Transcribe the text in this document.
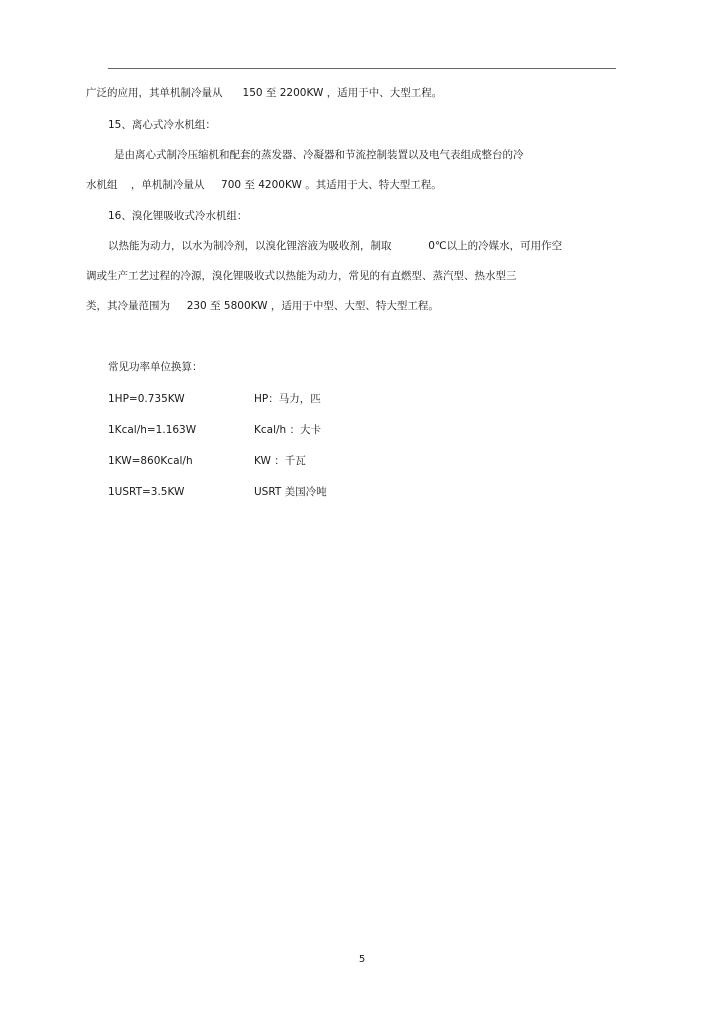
广泛的应用，其单机制冷量从      150 至 2200KW ，适用于中、大型工程。
15、离心式冷水机组：
是由离心式制冷压缩机和配套的蒸发器、冷凝器和节流控制装置以及电气表组成整台的冷
水机组    ，单机制冷量从     700 至 4200KW 。其适用于大、特大型工程。
16、溴化锂吸收式冷水机组：
以热能为动力，以水为制冷剂，以溴化锂溶液为吸收剂，制取           0℃以上的冷媒水，可用作空
调或生产工艺过程的冷源，溴化锂吸收式以热能为动力，常见的有直燃型、蒸汽型、热水型三
类，其冷量范围为     230 至 5800KW ，适用于中型、大型、特大型工程。
常见功率单位换算：
1HP=0.735KW	HP：马力，匹
1Kcal/h=1.163W	Kcal/h ：大卡
1KW=860Kcal/h	KW ：千瓦
1USRT=3.5KW	USRT 美国冷吨
5
